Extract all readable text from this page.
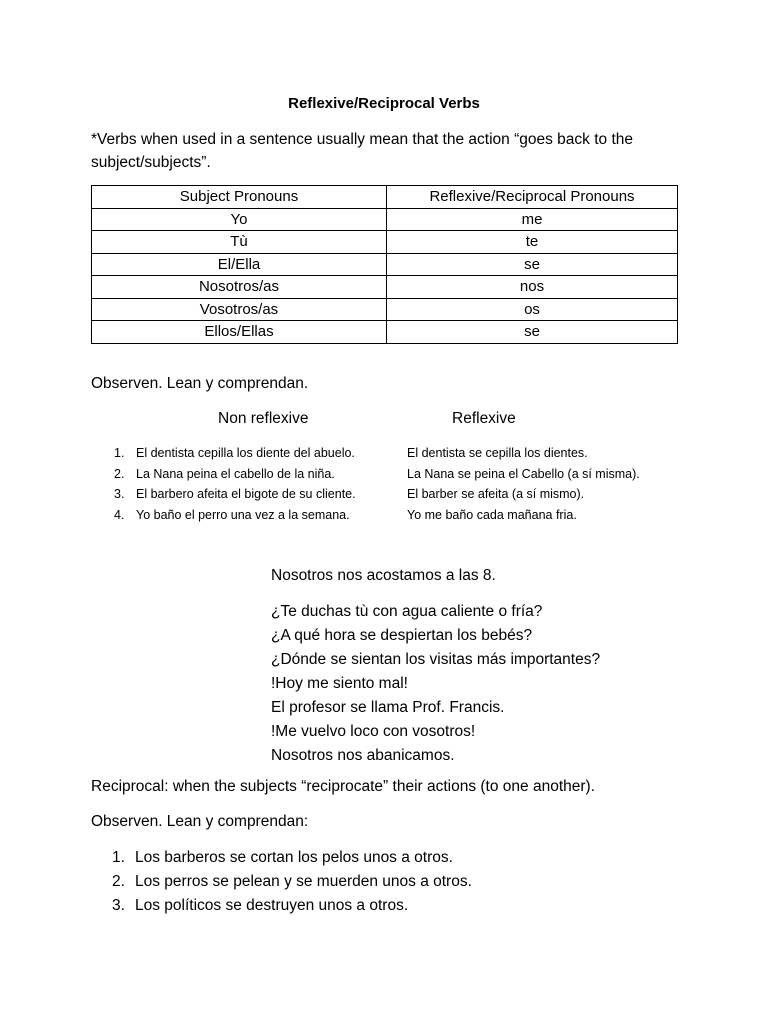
Reflexive/Reciprocal Verbs
*Verbs when used in a sentence usually mean that the action “goes back to the subject/subjects”.
Subject Pronouns	Reflexive/Reciprocal Pronouns
Yo	me
Tù	te
El/Ella	se
Nosotros/as	nos
Vosotros/as	os
Ellos/Ellas	se
Observen. Lean y comprendan.
Non reflexive	Reflexive
1. El dentista cepilla los diente del abuelo.	El dentista se cepilla los dientes.
2. La Nana peina el cabello de la niña.	La Nana se peina el Cabello (a sí misma).
3. El barbero afeita el bigote de su cliente.	El barber se afeita (a sí mismo).
4. Yo baño el perro una vez a la semana.	Yo me baño cada mañana fria.
Nosotros nos acostamos a las 8.
¿Te duchas tù con agua caliente o fría?
¿A qué hora se despiertan los bebés?
¿Dónde se sientan los visitas más importantes?
!Hoy me siento mal!
El profesor se llama Prof. Francis.
!Me vuelvo loco con vosotros!
Nosotros nos abanicamos.
Reciprocal: when the subjects “reciprocate” their actions (to one another).
Observen. Lean y comprendan:
1. Los barberos se cortan los pelos unos a otros.
2. Los perros se pelean y se muerden unos a otros.
3. Los políticos se destruyen unos a otros.
